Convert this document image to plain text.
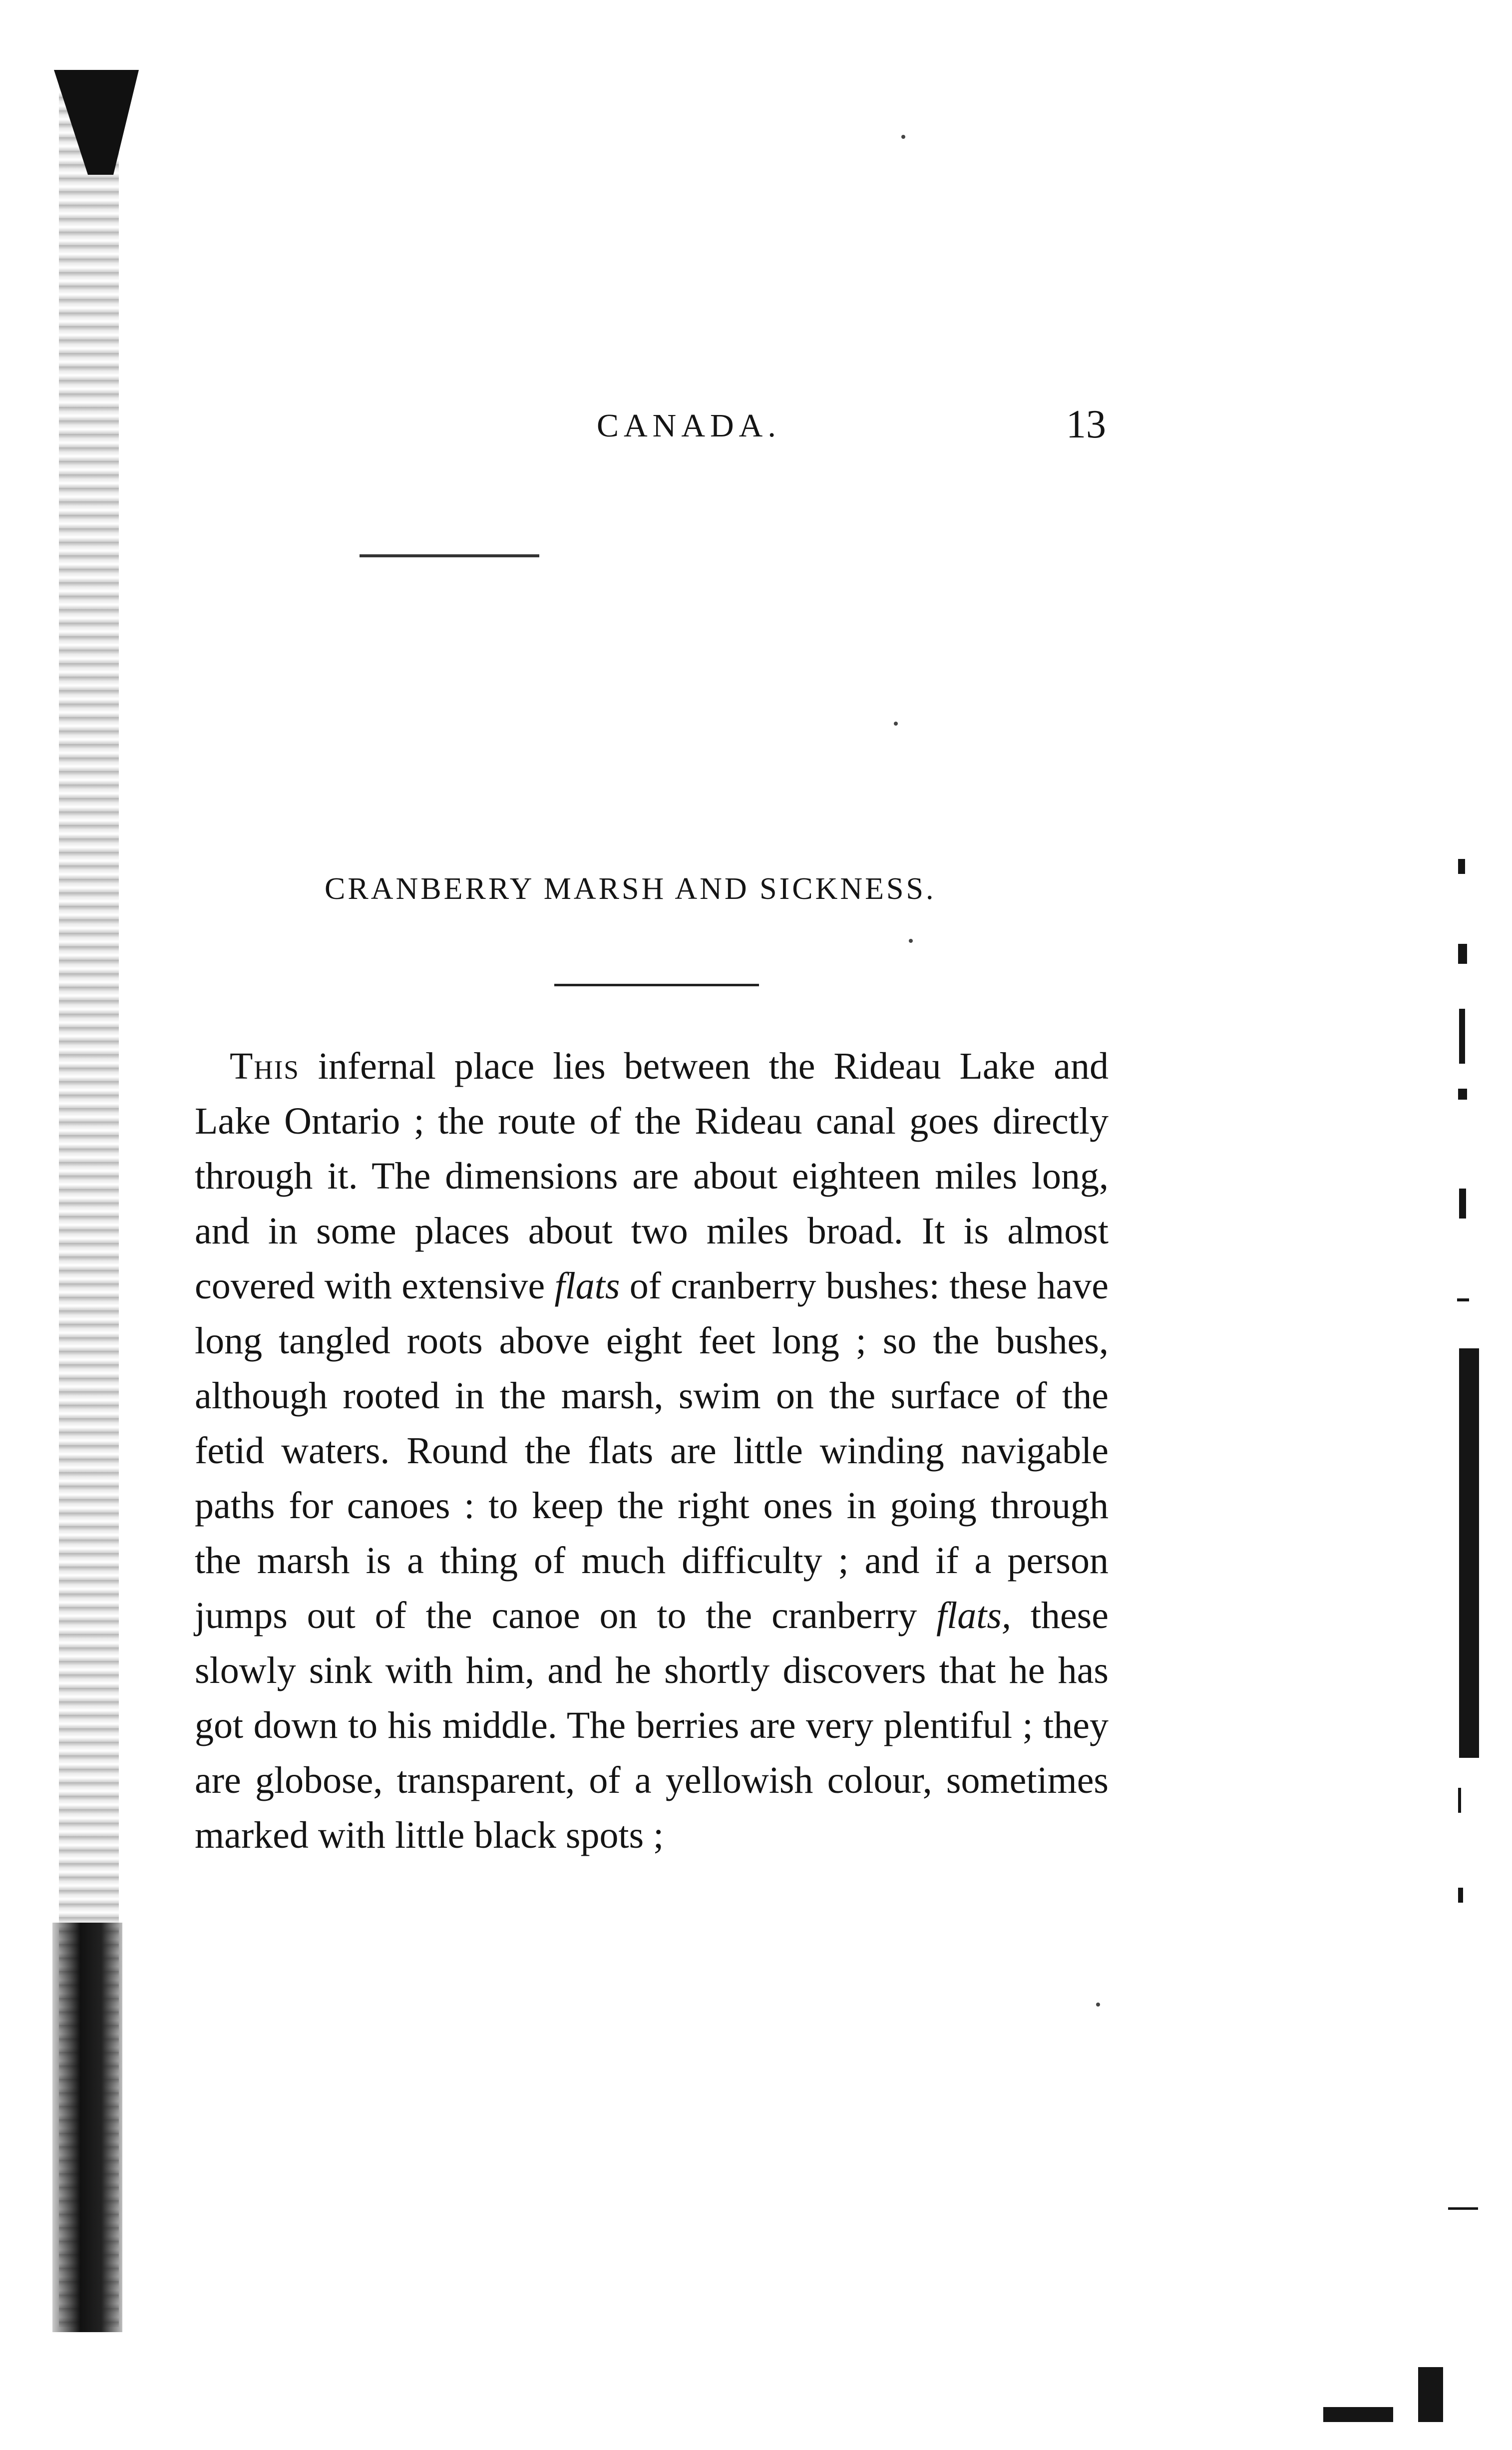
CANADA.	13
CRANBERRY MARSH AND SICKNESS.

This infernal place lies between the Rideau Lake and Lake Ontario ; the route of the Rideau canal goes directly through it. The dimensions are about eighteen miles long, and in some places about two miles broad. It is almost covered with extensive flats of cranberry bushes: these have long tangled roots above eight feet long ; so the bushes, although rooted in the marsh, swim on the surface of the fetid waters. Round the flats are little winding navigable paths for canoes : to keep the right ones in going through the marsh is a thing of much difficulty ; and if a person jumps out of the canoe on to the cranberry flats, these slowly sink with him, and he shortly discovers that he has got down to his middle. The berries are very plentiful ; they are globose, transparent, of a yellowish colour, sometimes marked with little black spots ;
